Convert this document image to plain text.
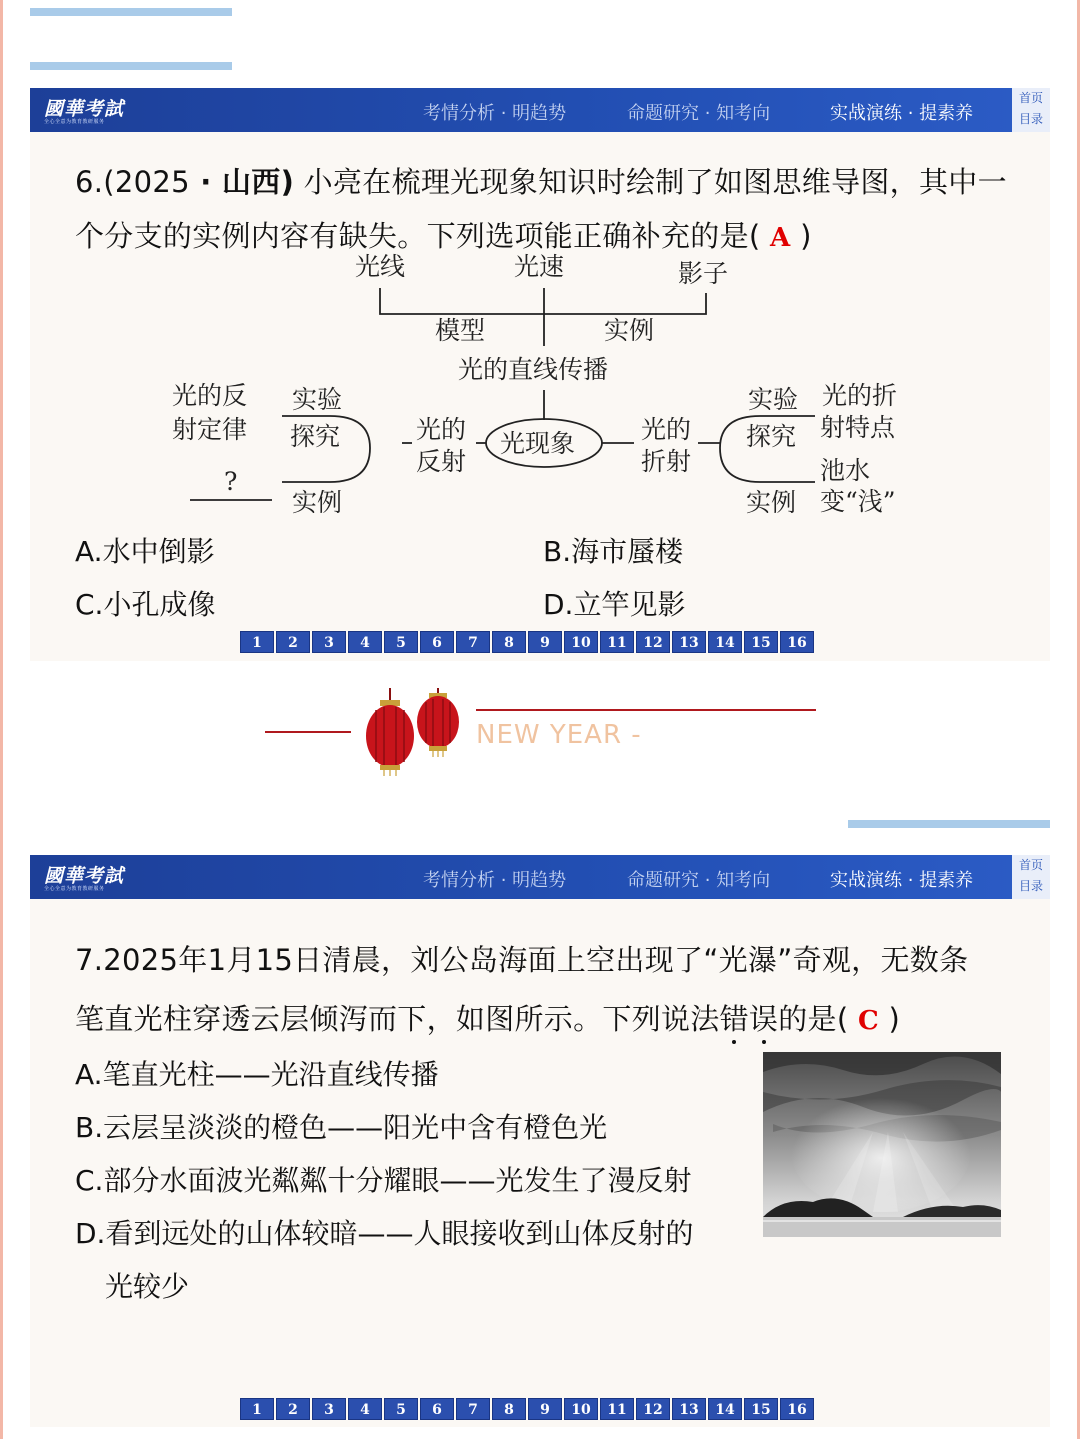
國華考試
全心全意为教育教研服务	考情分析 · 明趋势	命题研究 · 知考向	实战演练 · 提素养
首页
目录
6.(2025 · 山西) 小亮在梳理光现象知识时绘制了如图思维导图，其中一
个分支的实例内容有缺失。下列选项能正确补充的是( A )
光线	光速	影子
模型	实例
光的直线传播
光现象
光的
反射
光的
折射
实验
探究
光的反
射定律
?
实例
实验
探究
光的折
射特点
池水
变“浅”
实例
A.水中倒影	B.海市蜃楼
C.小孔成像	D.立竿见影
1	2	3	4	5	6	7	8	9	10	11	12	13	14	15	16
NEW YEAR -
國華考試
全心全意为教育教研服务	考情分析 · 明趋势	命题研究 · 知考向	实战演练 · 提素养
首页
目录
7.2025年1月15日清晨，刘公岛海面上空出现了“光瀑”奇观，无数条
笔直光柱穿透云层倾泻而下，如图所示。下列说法错误的是( C )
A.笔直光柱——光沿直线传播
B.云层呈淡淡的橙色——阳光中含有橙色光
C.部分水面波光粼粼十分耀眼——光发生了漫反射
D.看到远处的山体较暗——人眼接收到山体反射的
光较少
1	2	3	4	5	6	7	8	9	10	11	12	13	14	15	16
